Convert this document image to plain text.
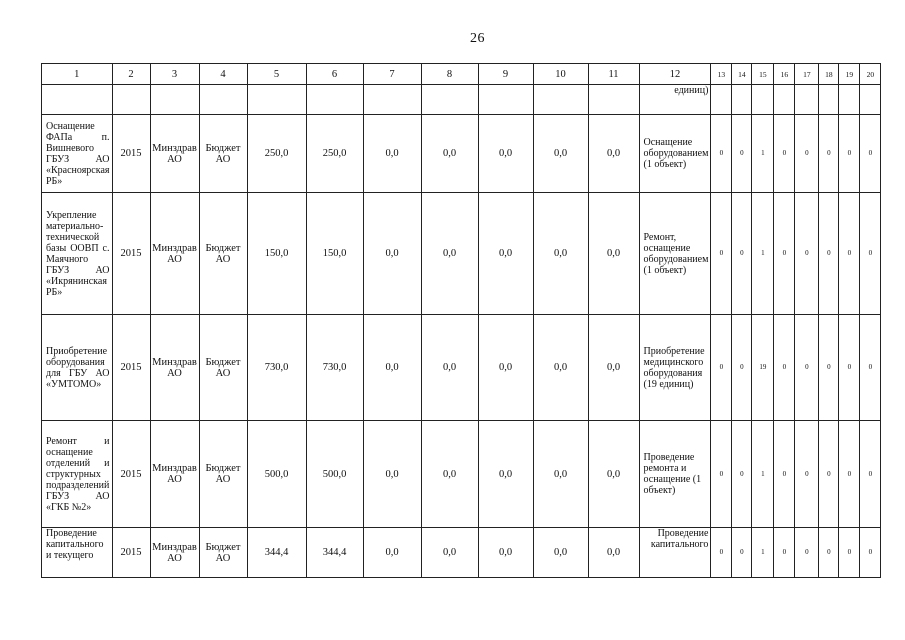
26
1	2	3	4	5	6	7	8	9	10	11	12	13	14	15	16	17	18	19	20
											единиц)								
Оснащение ФАПа п. Вишневого ГБУЗ АО «Красноярская РБ»	2015	Минздрав АО	Бюджет АО	250,0	250,0	0,0	0,0	0,0	0,0	0,0	Оснащение оборудованием (1 объект)	0	0	1	0	0	0	0	0
Укрепление материально-технической базы ООВП с. Маячного ГБУЗ АО «Икрянинская РБ»	2015	Минздрав АО	Бюджет АО	150,0	150,0	0,0	0,0	0,0	0,0	0,0	Ремонт, оснащение оборудованием (1 объект)	0	0	1	0	0	0	0	0
Приобретение оборудования для ГБУ АО «УМТОМО»	2015	Минздрав АО	Бюджет АО	730,0	730,0	0,0	0,0	0,0	0,0	0,0	Приобретение медицинского оборудования (19 единиц)	0	0	19	0	0	0	0	0
Ремонт и оснащение отделений и структурных подразделений ГБУЗ АО «ГКБ №2»	2015	Минздрав АО	Бюджет АО	500,0	500,0	0,0	0,0	0,0	0,0	0,0	Проведение ремонта и оснащение (1 объект)	0	0	1	0	0	0	0	0
Проведение капитального и текущего	2015	Минздрав АО	Бюджет АО	344,4	344,4	0,0	0,0	0,0	0,0	0,0	Проведение капитального	0	0	1	0	0	0	0	0
